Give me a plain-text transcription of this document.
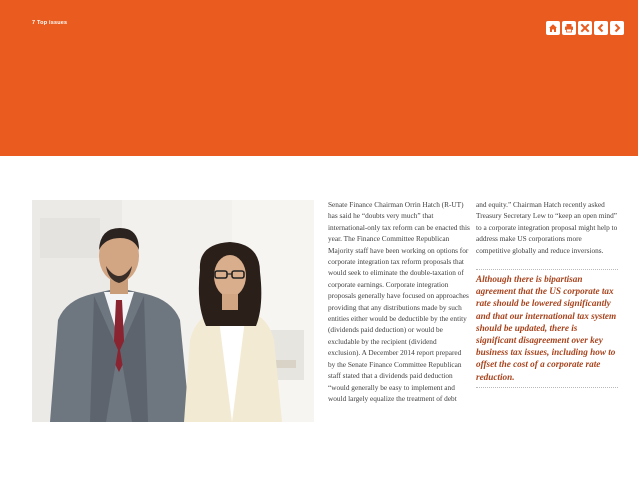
7 Top issues

Senate Finance Chairman Orrin Hatch (R-UT) has said he “doubts very much” that international-only tax reform can be enacted this year. The Finance Committee Republican Majority staff have been working on options for corporate integration tax reform proposals that would seek to eliminate the double-taxation of corporate earnings. Corporate integration proposals generally have focused on approaches providing that any distributions made by such entities either would be deductible by the entity (dividends paid deduction) or would be excludable by the recipient (dividend exclusion). A December 2014 report prepared by the Senate Finance Committee Republican staff stated that a dividends paid deduction “would generally be easy to implement and would largely equalize the treatment of debt

and equity.” Chairman Hatch recently asked Treasury Secretary Lew to “keep an open mind” to a corporate integration proposal might help to address make US corporations more competitive globally and reduce inversions.

Although there is bipartisan agreement that the US corporate tax rate should be lowered significantly and that our international tax system should be updated, there is significant disagreement over key business tax issues, including how to offset the cost of a corporate rate reduction.
